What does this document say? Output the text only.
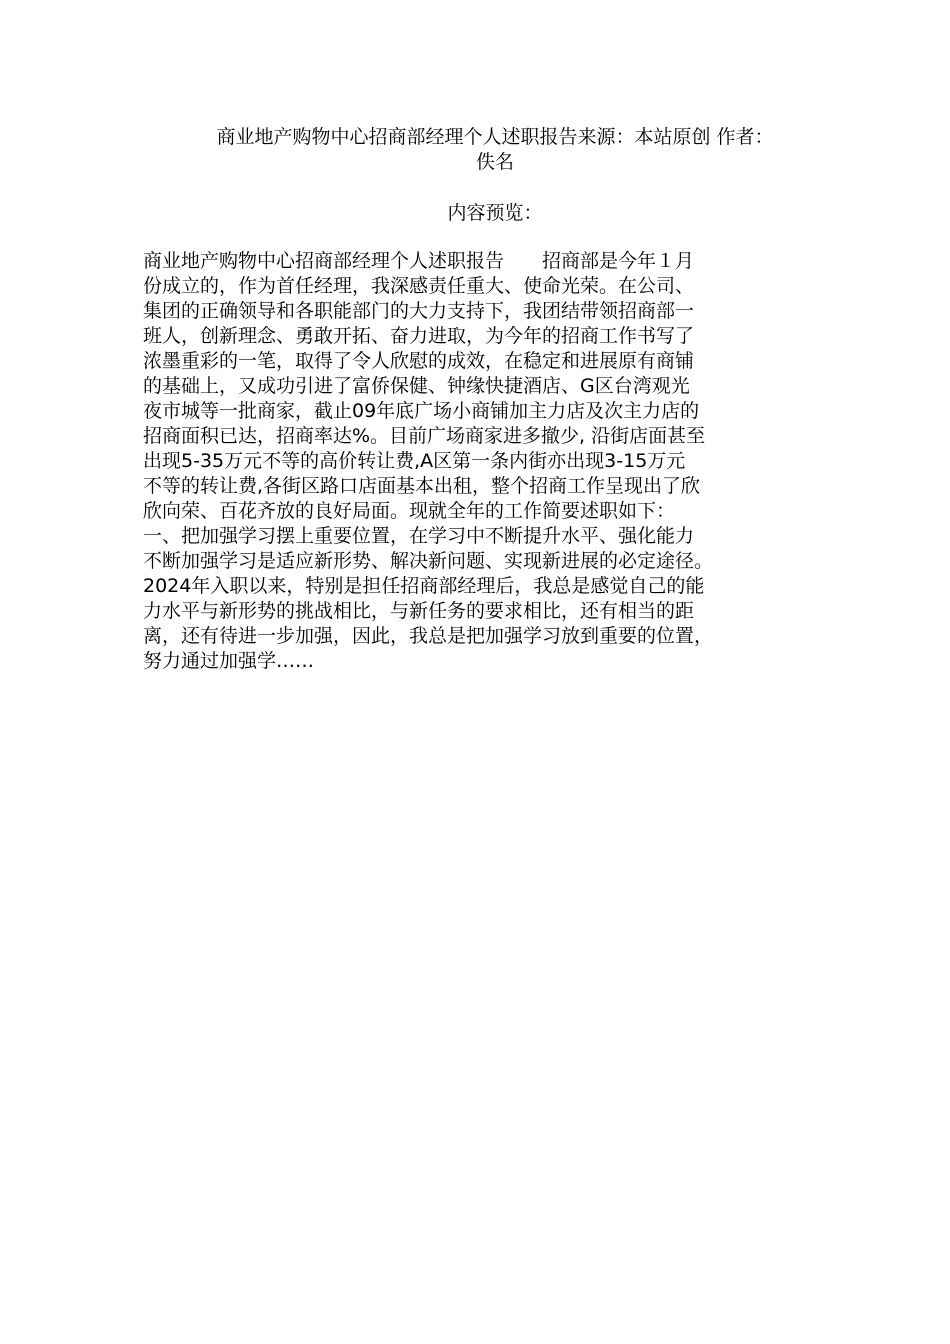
商业地产购物中心招商部经理个人述职报告来源：本站原创 作者：
佚名
内容预览：
商业地产购物中心招商部经理个人述职报告　　招商部是今年１月
份成立的，作为首任经理，我深感责任重大、使命光荣。在公司、
集团的正确领导和各职能部门的大力支持下，我团结带领招商部一
班人，创新理念、勇敢开拓、奋力进取，为今年的招商工作书写了
浓墨重彩的一笔，取得了令人欣慰的成效，在稳定和进展原有商铺
的基础上，又成功引进了富侨保健、钟缘快捷酒店、G区台湾观光
夜市城等一批商家，截止09年底广场小商铺加主力店及次主力店的
招商面积已达，招商率达%。目前广场商家进多撤少, 沿街店面甚至
出现5-35万元不等的高价转让费,A区第一条内街亦出现3-15万元
不等的转让费,各街区路口店面基本出租，整个招商工作呈现出了欣
欣向荣、百花齐放的良好局面。现就全年的工作简要述职如下：
一、把加强学习摆上重要位置，在学习中不断提升水平、强化能力
不断加强学习是适应新形势、解决新问题、实现新进展的必定途径。
2024年入职以来，特别是担任招商部经理后，我总是感觉自己的能
力水平与新形势的挑战相比，与新任务的要求相比，还有相当的距
离，还有待进一步加强，因此，我总是把加强学习放到重要的位置，
努力通过加强学……
